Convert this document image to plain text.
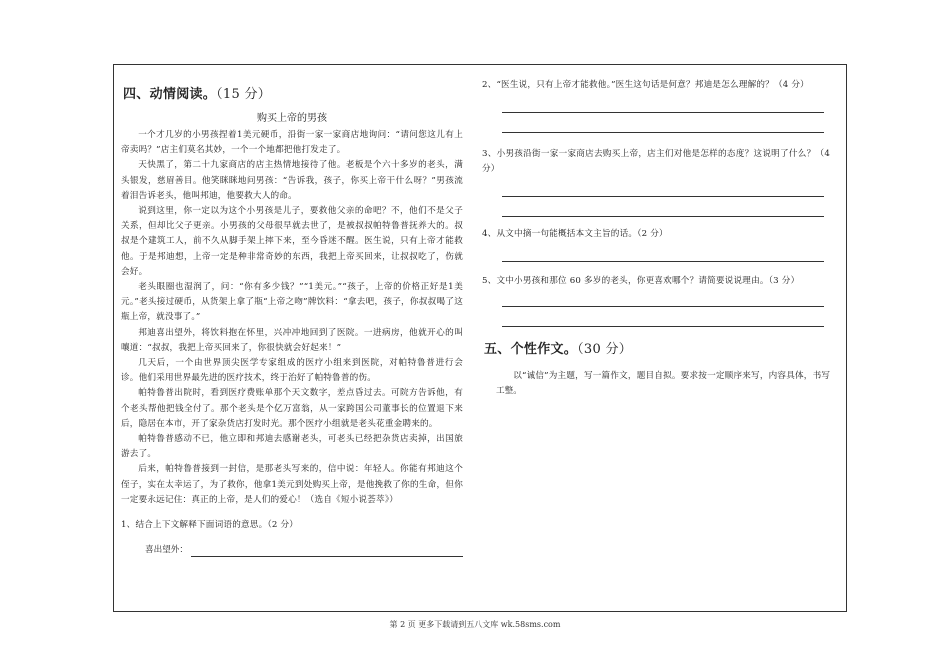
四、动情阅读。（15 分）
购买上帝的男孩

一个才几岁的小男孩捏着1美元硬币，沿街一家一家商店地询问：“请问您这儿有上帝卖吗？”店主们莫名其妙，一个一个地都把他打发走了。

天快黑了，第二十九家商店的店主热情地接待了他。老板是个六十多岁的老头，满头银发，慈眉善目。他笑眯眯地问男孩：“告诉我，孩子，你买上帝干什么呀？”男孩流着泪告诉老头，他叫邦迪，他要救大人的命。

说到这里，你一定以为这个小男孩是儿子，要救他父亲的命吧？不，他们不是父子关系，但却比父子更亲。小男孩的父母很早就去世了，是被叔叔帕特鲁普抚养大的。叔叔是个建筑工人，前不久从脚手架上摔下来，至今昏迷不醒。医生说，只有上帝才能救他。于是邦迪想，上帝一定是种非常奇妙的东西，我把上帝买回来，让叔叔吃了，伤就会好。

老头眼圈也湿润了，问：“你有多少钱？”“1美元。”“孩子，上帝的价格正好是1美元。”老头接过硬币，从货架上拿了瓶“上帝之吻”牌饮料：“拿去吧，孩子，你叔叔喝了这瓶上帝，就没事了。”

邦迪喜出望外，将饮料抱在怀里，兴冲冲地回到了医院。一进病房，他就开心的叫嚷道：“叔叔，我把上帝买回来了，你很快就会好起来！”

几天后，一个由世界顶尖医学专家组成的医疗小组来到医院，对帕特鲁普进行会诊。他们采用世界最先进的医疗技术，终于治好了帕特鲁普的伤。

帕特鲁普出院时，看到医疗费账单那个天文数字，差点昏过去。可院方告诉他，有个老头帮他把钱全付了。那个老头是个亿万富翁，从一家跨国公司董事长的位置退下来后，隐居在本市，开了家杂货店打发时光。那个医疗小组就是老头花重金聘来的。

帕特鲁普感动不已，他立即和邦迪去感谢老头，可老头已经把杂货店卖掉，出国旅游去了。

后来，帕特鲁普接到一封信，是那老头写来的，信中说：年轻人。你能有邦迪这个侄子，实在太幸运了，为了救你，他拿1美元到处购买上帝，是他挽救了你的生命，但你一定要永远记住：真正的上帝，是人们的爱心！（选自《短小说荟萃》）

1、结合上下文解释下面词语的意思。（2 分）

喜出望外：

2、“医生说，只有上帝才能救他。”医生这句话是何意？邦迪是怎么理解的？（4 分）

3、小男孩沿街一家一家商店去购买上帝，店主们对他是怎样的态度？这说明了什么？（4 分）

4、从文中摘一句能概括本文主旨的话。（2 分）

5、文中小男孩和那位 60 多岁的老头，你更喜欢哪个？请简要说说理由。（3 分）

五、个性作文。（30 分）

以“诚信”为主题，写一篇作文，题目自拟。要求按一定顺序来写，内容具体，书写工整。

第 2 页 更多下载请到五八文库 wk.58sms.com
